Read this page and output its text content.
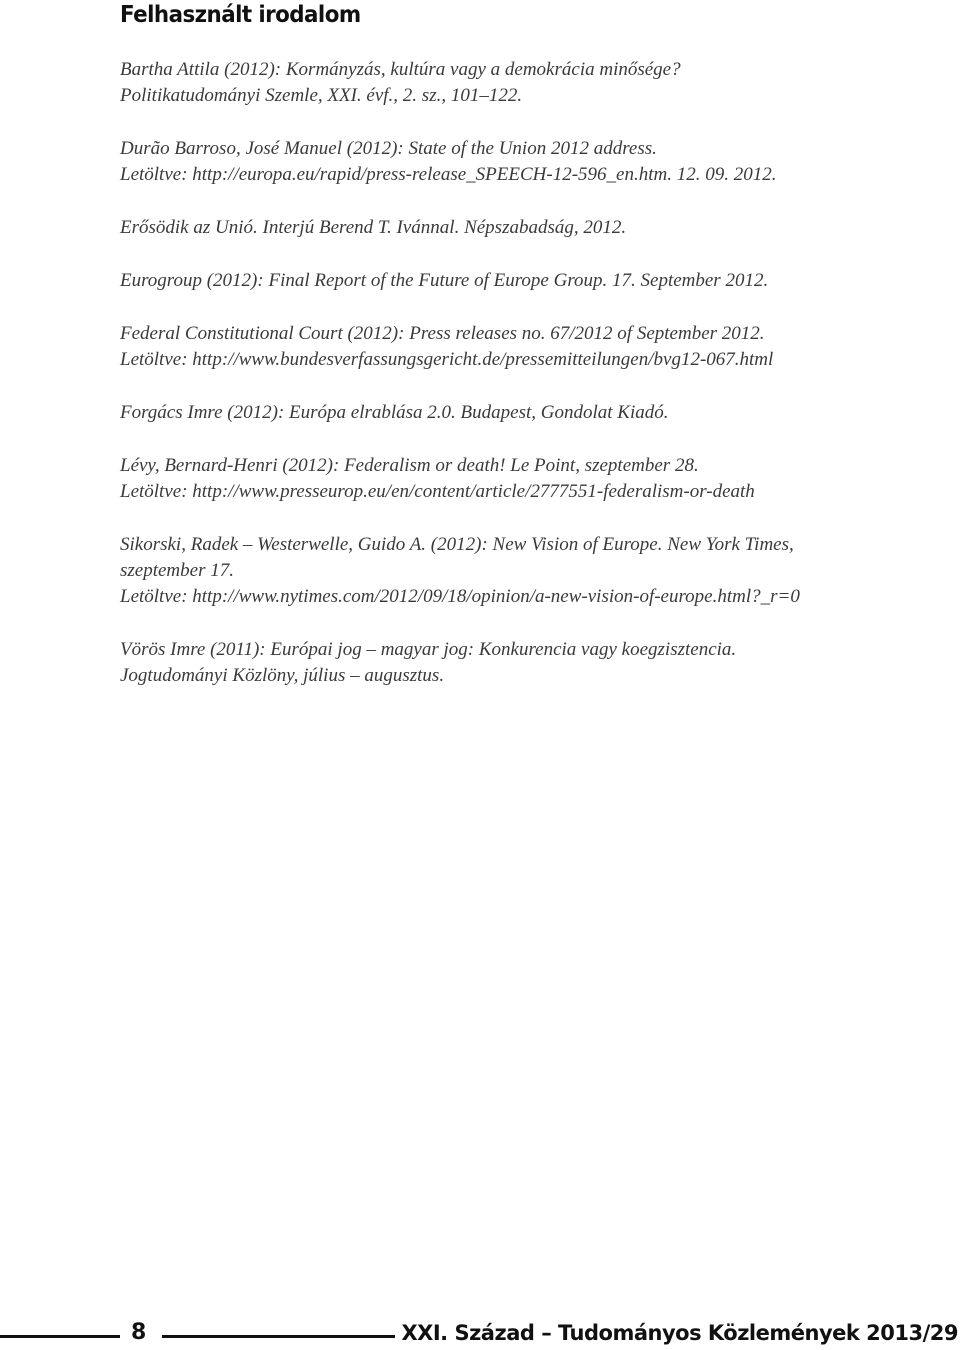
Felhasznált irodalom
Bartha Attila (2012): Kormányzás, kultúra vagy a demokrácia minősége?
Politikatudományi Szemle, XXI. évf., 2. sz., 101–122.
Durão Barroso, José Manuel (2012): State of the Union 2012 address.
Letöltve: http://europa.eu/rapid/press-release_SPEECH-12-596_en.htm. 12. 09. 2012.
Erősödik az Unió. Interjú Berend T. Ivánnal. Népszabadság, 2012.
Eurogroup (2012): Final Report of the Future of Europe Group. 17. September 2012.
Federal Constitutional Court (2012): Press releases no. 67/2012 of September 2012.
Letöltve: http://www.bundesverfassungsgericht.de/pressemitteilungen/bvg12-067.html
Forgács Imre (2012): Európa elrablása 2.0. Budapest, Gondolat Kiadó.
Lévy, Bernard-Henri (2012): Federalism or death! Le Point, szeptember 28.
Letöltve: http://www.presseurop.eu/en/content/article/2777551-federalism-or-death
Sikorski, Radek – Westerwelle, Guido A. (2012): New Vision of Europe. New York Times,
szeptember 17.
Letöltve: http://www.nytimes.com/2012/09/18/opinion/a-new-vision-of-europe.html?_r=0
Vörös Imre (2011): Európai jog – magyar jog: Konkurencia vagy koegzisztencia.
Jogtudományi Közlöny, július – augusztus.
8	XXI. Század – Tudományos Közlemények 2013/29
